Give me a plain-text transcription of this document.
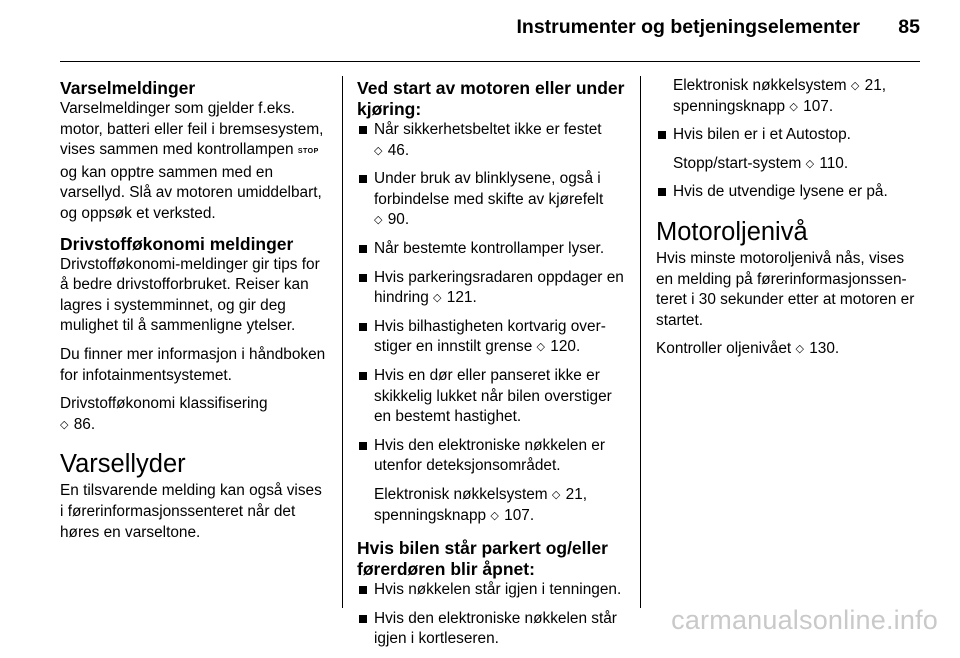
Instrumenter og betjeningselementer 85
Varselmeldinger

Varselmeldinger som gjelder f.eks. motor, batteri eller feil i bremsesystem, vises sammen med kontrollampen STOP og kan opptre sammen med en varsellyd. Slå av motoren umiddelbart, og oppsøk et verksted.

Drivstofføkonomi meldinger

Drivstofføkonomi-meldinger gir tips for å bedre drivstofforbruket. Reiser kan lagres i systemminnet, og gir deg mulighet til å sammenligne ytelser.

Du finner mer informasjon i håndboken for infotainmentsystemet.

Drivstofføkonomi klassifisering
◇ 86.

Varsellyder

En tilsvarende melding kan også vises i førerinformasjonssenteret når det høres en varseltone.

Ved start av motoren eller under kjøring:
Når sikkerhetsbeltet ikke er festet
◇ 46.
Under bruk av blinklysene, også i forbindelse med skifte av kjørefelt
◇ 90.
Når bestemte kontrollamper lyser.
Hvis parkeringsradaren oppdager en hindring ◇ 121.
Hvis bilhastigheten kortvarig overstiger en innstilt grense ◇ 120.
Hvis en dør eller panseret ikke er skikkelig lukket når bilen overstiger en bestemt hastighet.
Hvis den elektroniske nøkkelen er utenfor deteksjonsområdet.

Elektronisk nøkkelsystem ◇ 21,
spenningsknapp ◇ 107.

Hvis bilen står parkert og/eller førerdøren blir åpnet:
Hvis nøkkelen står igjen i tenningen.
Hvis den elektroniske nøkkelen står igjen i kortleseren.

Elektronisk nøkkelsystem ◇ 21,
spenningsknapp ◇ 107.

Hvis bilen er i et Autostop.

Stopp/start-system ◇ 110.

Hvis de utvendige lysene er på.
Motoroljenivå

Hvis minste motoroljenivå nås, vises en melding på førerinformasjonssenteret i 30 sekunder etter at motoren er startet.

Kontroller oljenivået ◇ 130.

carmanualsonline.info
